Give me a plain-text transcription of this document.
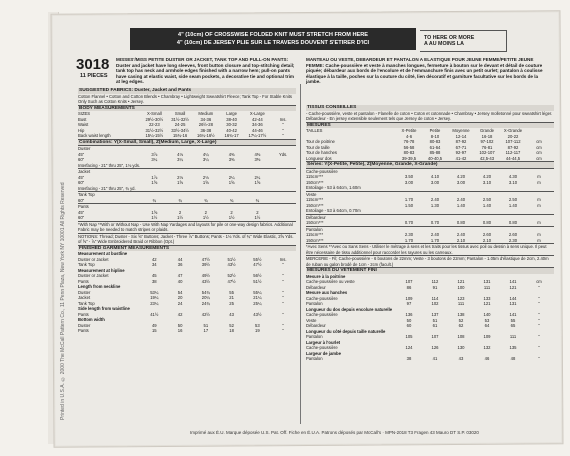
Printed in U.S.A. © 2000 The McCall Pattern Co., 11 Penn Plaza, New York NY 10001 All Rights Reserved
4" (10cm) OF CROSSWISE FOLDED KNIT MUST STRETCH FROM HERE
4" (10cm) DE JERSEY PLIE SUR LE TRAVERS DOUVENT S'ETIRER D'ICI
TO HERE OR MORE
A AU MOINS LA
3018
11 PIECES
MISSES'/MISS PETITE DUSTER OR JACKET, TANK TOP AND PULL-ON PANTS: Duster and jacket have long sleeves, front button closure and top-stitching detail; tank top has neck and armhole edges finished with a narrow hem; pull-on pants have casing at elastic waist, side seam pockets, a decorative tie and optional trim at leg edges.
MANTEAU OU VESTE, DEBARDEUR ET PANTALON A ELASTIQUE POUR JEUNE FEMME/PETITE JEUNE FEMME: Cache-poussière et veste à manches longues, fermeture à bouton sur le devant et détail de couture piquée; débardeur aux bords de l'encolure et de l'emmanchure finis avec un petit ourlet; pantalon à coulisse élastique à la taille, poches sur la couture du côté, lien décoratif et garniture facultative sur les bords de la jambe.
SUGGESTED FABRICS: Duster, Jacket and Pants
Cotton Flannel • Cotton and Cotton Blends • Chambray • Lightweight Sweatshirt Fleece; Tank Top - For Stable Knits Only Such as Cotton Knits • Jersey.
BODY MEASUREMENTS
SIZES	X-Small	Small	Medium	Large	X-Large
Bust	29½-30½	31½-32½	34-36	38-40	42-44	Ins.
Waist	22-23	24-25	26½-28	30-32	34-36	"
Hip	31½-32½	33½-34½	36-38	40-42	44-46	"
Back waist length	15¼-15½	15¾-16	16¼-16½	16¾-17	17¼-17½	"
Combinations: Y(X-Small, Small), Z(Medium, Large, X-Large)
Duster
45"	3⅞	4⅛	4¼	4⅜	4⅜	Yds.
60"	3¼	3¼	3¼	3⅜	3⅜
Interfacing - 21" thru 25", 1⅛ yds.
Jacket
45"	1⅞	2⅛	2⅛	2¼	2¼
60"	1⅝	1⅝	1⅝	1⅝	1⅝
Interfacing - 21" thru 25", ¾ yd.
Tank Top
60"	¾	¾	¾	¾	¾
Pants
45"	1⅝	2	2	2	2
60"	1½	1½	1½	1½	1½
*With Nap **With or Without Nap - Use With Nap Yardages and layouts for pile or one-way design fabrics. Additional Fabric may be needed to match stripes or plaids.
NOTIONS: Thread; Duster - Six ⅝" Buttons; Jacket - Three ⅞" Buttons; Pants - 1⅛ Yds. of ¾" Wide Elastic, 2⅝ Yds. of ⅝" - ⅞" Wide Embroidered Braid or Ribbon (Opt.)
FINISHED GARMENT MEASUREMENTS
Measurement at bustline
Duster or Jacket	42	44	47½	51½	55½	Ins.
Tank Top	34	36	39½	43½	47½	"
Measurement at hipline
Duster or Jacket	45	47	49½	52½	56½	"
Pants	38	40	43½	47½	51½	"
Length from neckline
Duster	53¼	54	54¾	55	55¼	"
Jacket	19¼	20	20¼	21	21¼	"
Tank Top	23¼	24	24¾	25	25¼	"
Side length from waistline
Pants	41½	42	42½	43	43½	"
Bottom width
Duster	49	50	51	52	53	"
Pants	15	16	17	18	19	"
TISSUS CONSEILLES
- Cache-poussière, veste et pantalon - Flanelle de coton • Coton et cotonnade • Chambray • Jersey molletonné pour sweatshirt léger. Débardeur - En jersey extensible seulement tels que Jersey de coton • Jersey.
MESURES
TAILLES	X-Petite	Petite	Moyenne	Grande	X-Grande
4-6	8-10	12-14	16-18	20-22
Tour de poitrine	76-78	80-83	87-92	97-102	107-112	cm
Tour de taille	56-58	61-64	67-71	76-81	87-92	cm
Tour de hanches	80-83	85-88	92-97	102-107	112-117	cm
Longueur dos	39-39,5	40-40,5	41-42	42,5-43	44-44,5	cm
Séries: Y(X-Petite, Petite), Z(Moyenne, Grande, X-Grande)
Cache-poussière
115cm***	3.50	4.10	4.20	4.20	4.30	m
150cm***	3.00	3.00	3.00	3.10	3.10	m
Entoilage - 53 à 64cm, 1.60m
Veste
115cm***	1.70	2.40	2.40	2.50	2.50	m
150cm***	1.50	1.30	1.40	1.40	1.40	m
Entoilage - 53 à 64cm, 0.70m
Débardeur
150cm***	0.70	0.70	0.80	0.80	0.80	m
Pantalon
115cm***	2.30	2.40	2.40	2.60	2.60	m
150cm***	1.70	1.70	2.10	2.10	2.30	m
*Avec Sens **Avec ou Sans Sens - Utiliser le métrage à sens et les traits pour les tissus avec poil ou dessin à sens unique. Il peut être nécessaire de tissu additionnel pour raccorder les rayures ou les carreaux.
MERCERIE - Fil; Cache-poussière - 6 boutons de 22mm; Veste - 3 boutons de 22mm; Pantalon - 1.05m d'élastique de 2cm, 2.40m de ruban ou galon brodé de 1cm - 2cm (facult.)
MESURES DU VETEMENT FINI
Mesure à la poitrine
Cache-poussière ou veste	107	112	121	131	141	cm
Débardeur	86	91	100	111	121	"
Mesure aux hanches
Cache-poussière	109	114	123	133	144	"
Pantalon	97	102	111	121	131	"
Longueur du dos depuis encolure naturelle
Cache-poussière	136	137	138	140	141	"
Veste	50	51	52	53	55	"
Débardeur	60	61	62	64	65	"
Longueur du côté depuis taille naturelle
Pantalon	105	107	108	109	111	"
Largeur à l'ourlet
Cache-poussière	124	126	130	132	135	"
Largeur de jambe
Pantalon	38	41	43	46	48	"
Imprimé aux É.U. Marque déposée U.S. Pat. Off. Fiche en É.U.A. Patrons déposés par McCall's · MPN-2018 T3 Fragen 43 Mauro DT S.P. 03020
